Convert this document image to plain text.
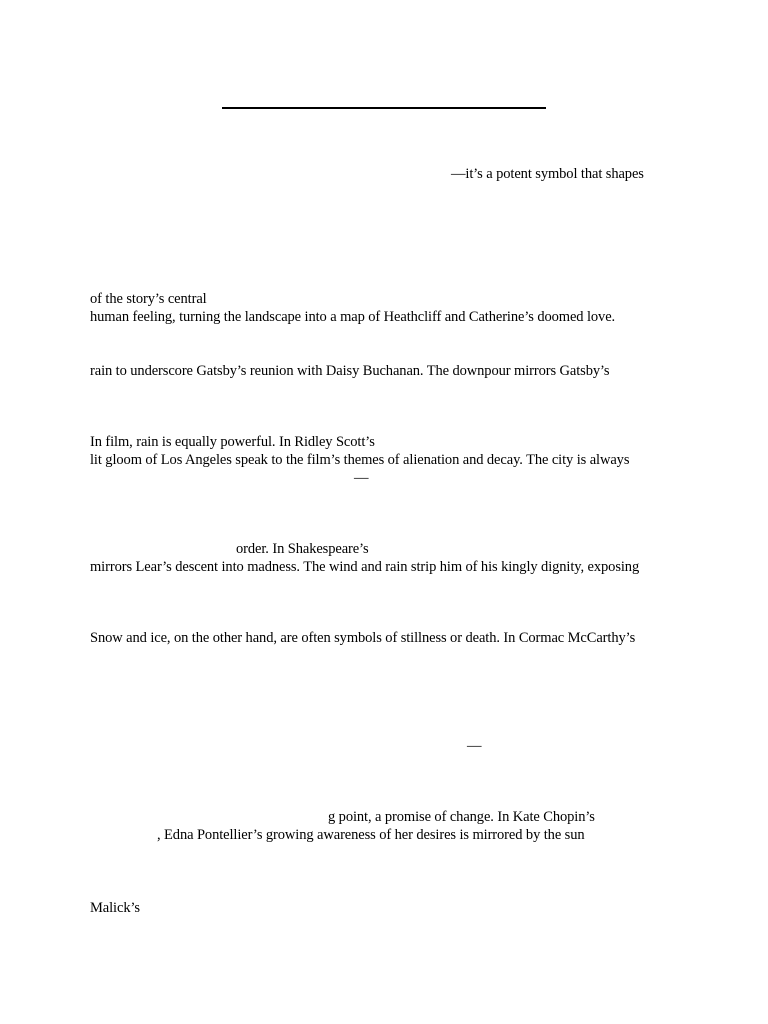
—it’s a potent symbol that shapes
of the story’s central
human feeling, turning the landscape into a map of Heathcliff and Catherine’s doomed love.
rain to underscore Gatsby’s reunion with Daisy Buchanan. The downpour mirrors Gatsby’s
In film, rain is equally powerful. In Ridley Scott’s
lit gloom of Los Angeles speak to the film’s themes of alienation and decay. The city is always
—
order. In Shakespeare’s
mirrors Lear’s descent into madness. The wind and rain strip him of his kingly dignity, exposing
Snow and ice, on the other hand, are often symbols of stillness or death. In Cormac McCarthy’s
—
g point, a promise of change. In Kate Chopin’s
, Edna Pontellier’s growing awareness of her desires is mirrored by the sun
Malick’s
